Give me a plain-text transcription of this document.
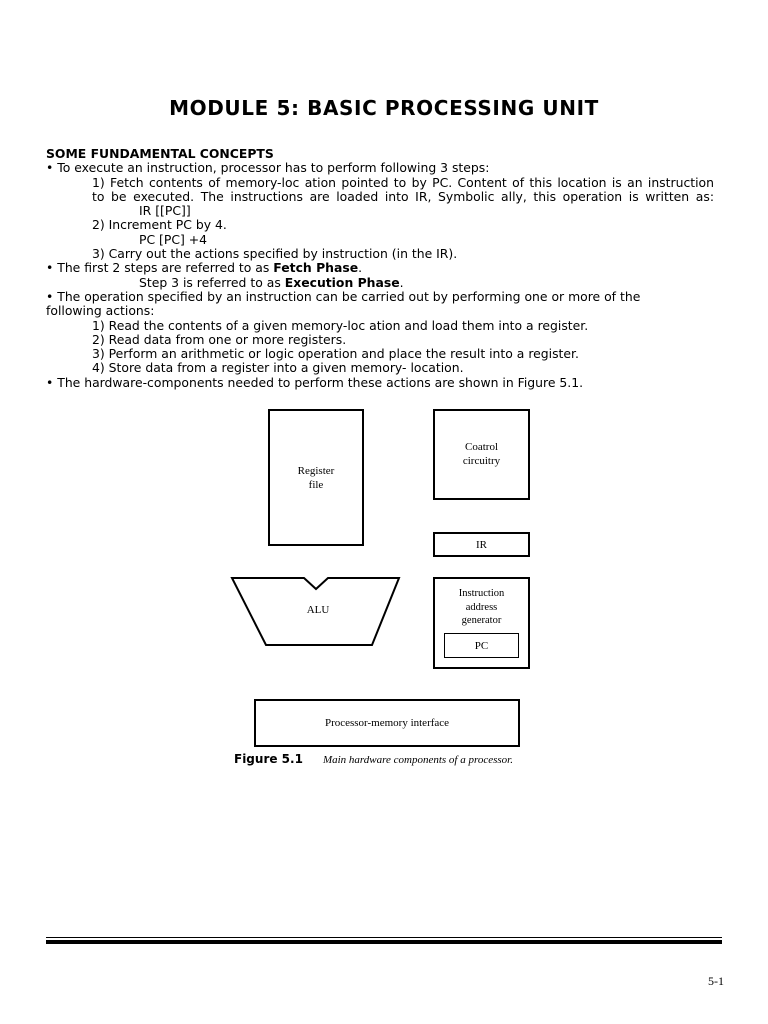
MODULE 5: BASIC PROCESSING UNIT
SOME FUNDAMENTAL CONCEPTS
• To execute an instruction, processor has to perform following 3 steps:
1) Fetch contents of memory-loc ation pointed to by PC. Content of this location is an instruction
to be executed. The instructions are loaded into IR, Symbolic ally, this operation is written as:
IR [[PC]]
2) Increment PC by 4.
PC [PC] +4
3) Carry out the actions specified by instruction (in the IR).
• The first 2 steps are referred to as Fetch Phase.
Step 3 is referred to as Execution Phase.
• The operation specified by an instruction can be carried out by performing one or more of the
following actions:
1) Read the contents of a given memory-loc ation and load them into a register.
2) Read data from one or more registers.
3) Perform an arithmetic or logic operation and place the result into a register.
4) Store data from a register into a given memory- location.
• The hardware-components needed to perform these actions are shown in Figure 5.1.
Register file
Coatrol circuitry
IR
ALU
Instruction address generator
PC
Processor-memory interface
Figure 5.1 Main hardware components of a processor.
5-1
